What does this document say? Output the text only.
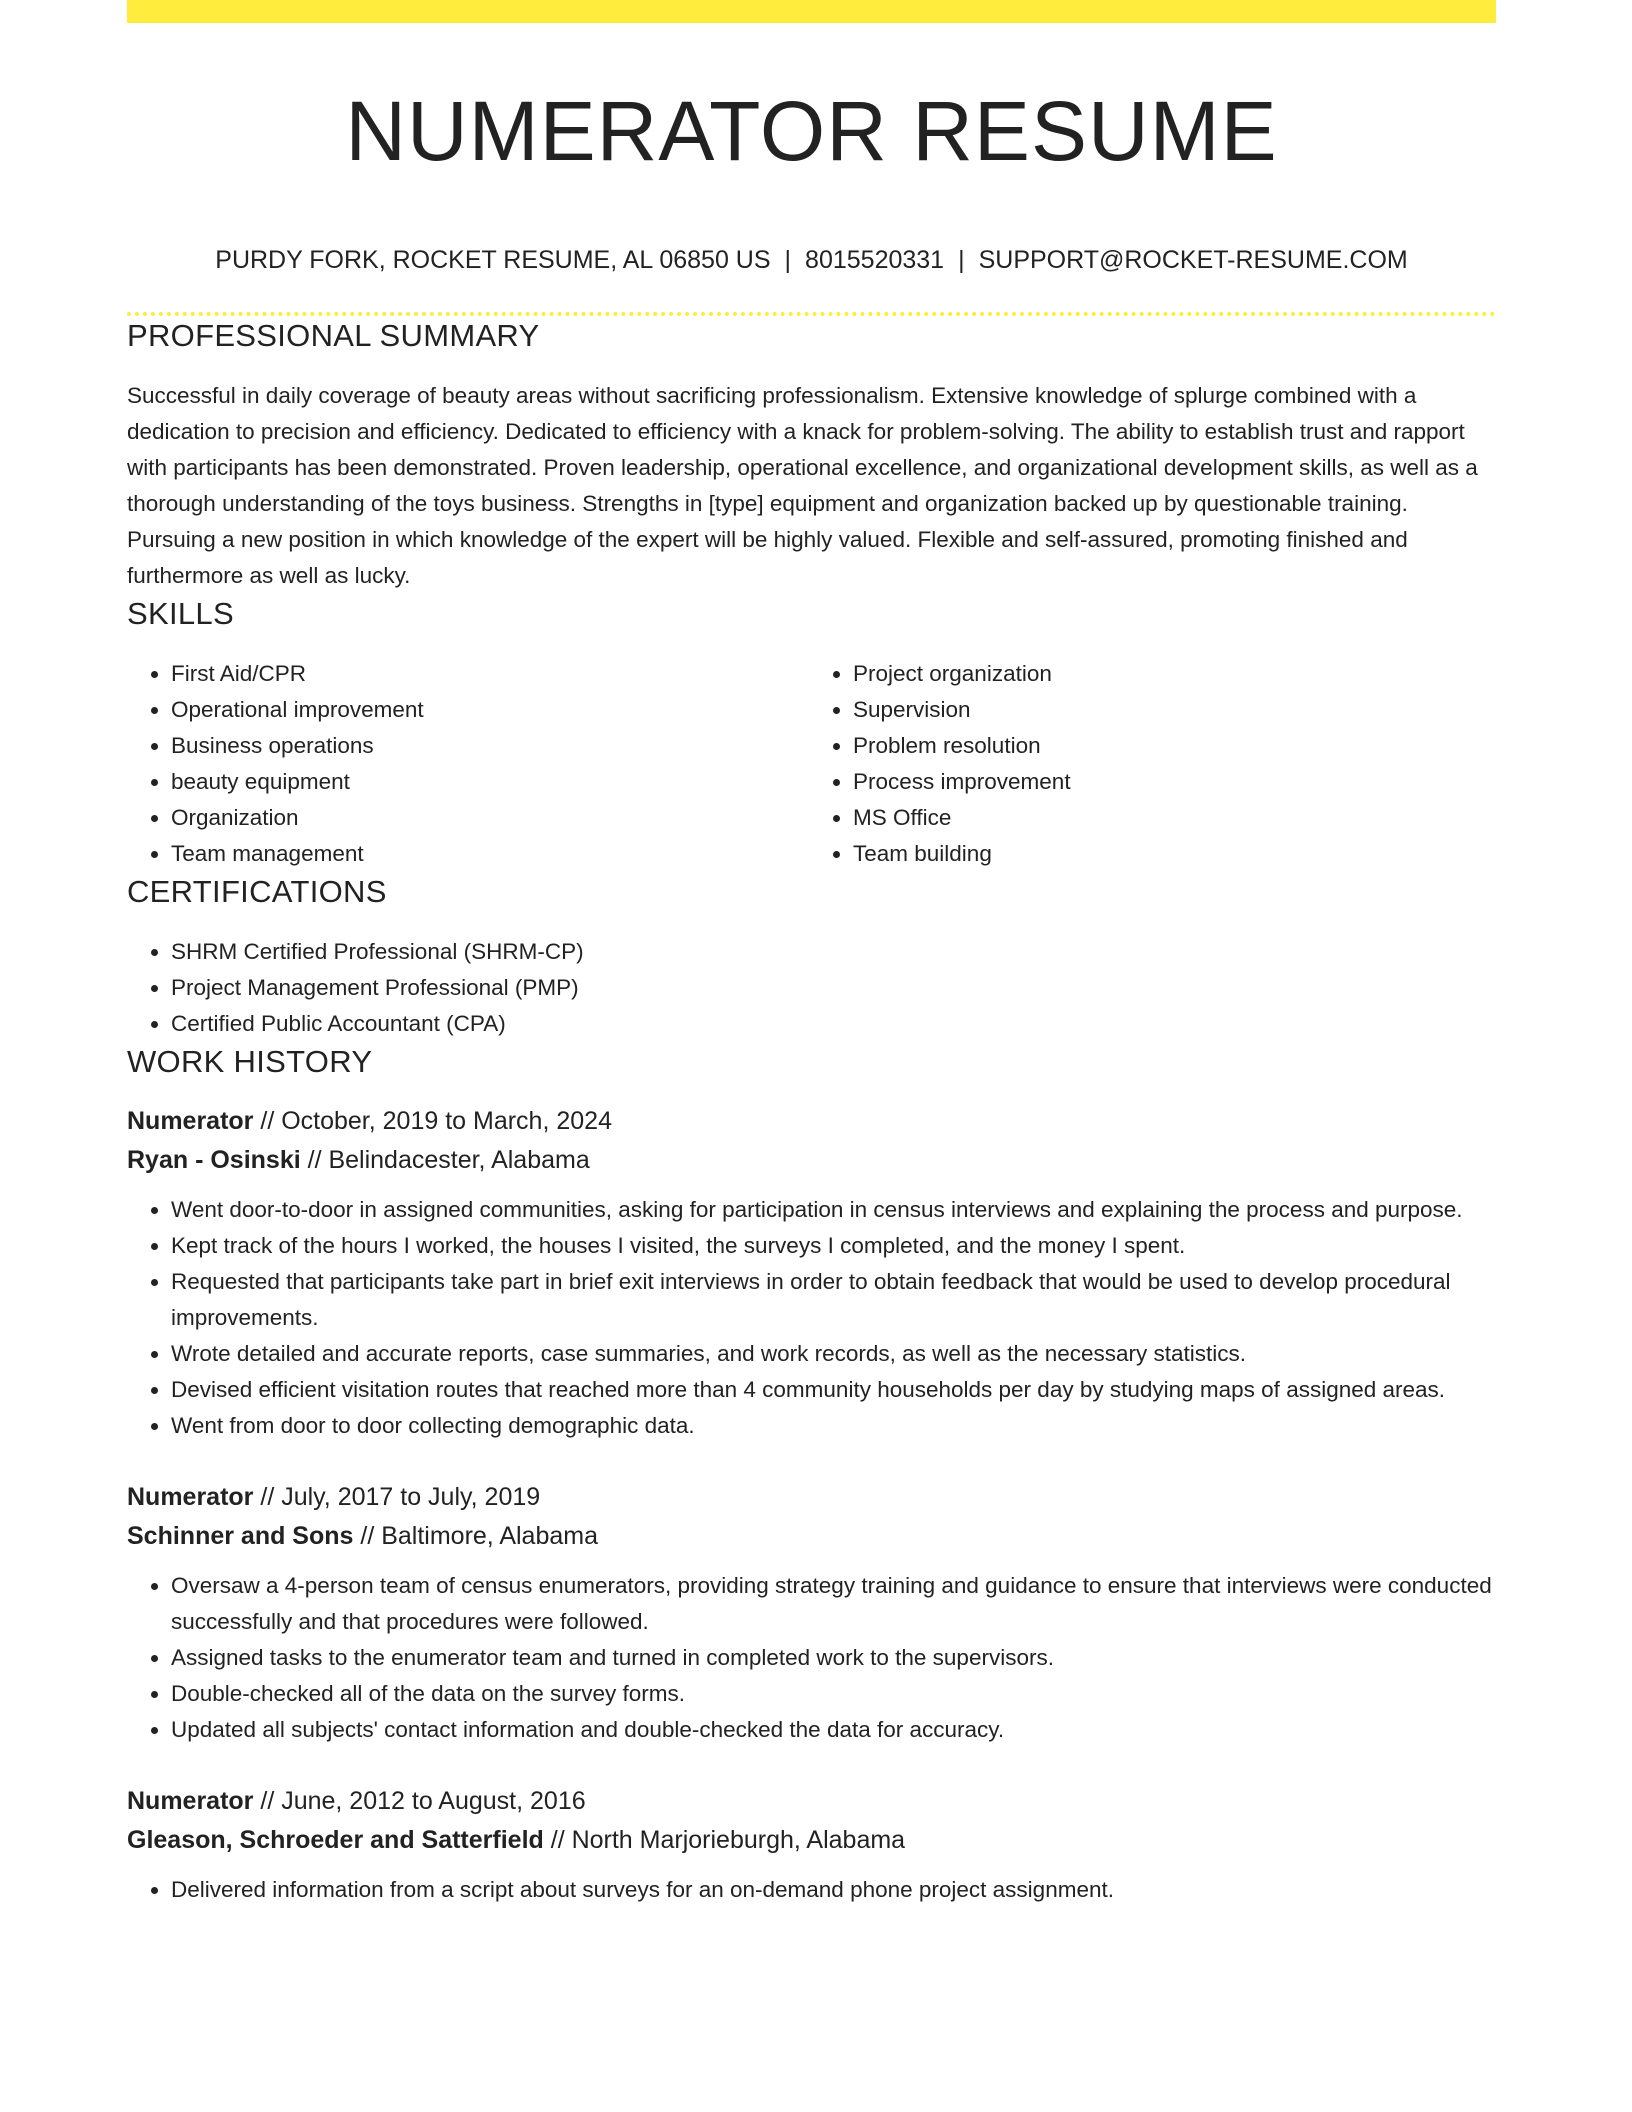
NUMERATOR RESUME
PURDY FORK, ROCKET RESUME, AL 06850 US | 8015520331 | SUPPORT@ROCKET-RESUME.COM
PROFESSIONAL SUMMARY

Successful in daily coverage of beauty areas without sacrificing professionalism. Extensive knowledge of splurge combined with a dedication to precision and efficiency. Dedicated to efficiency with a knack for problem-solving. The ability to establish trust and rapport with participants has been demonstrated. Proven leadership, operational excellence, and organizational development skills, as well as a thorough understanding of the toys business. Strengths in [type] equipment and organization backed up by questionable training. Pursuing a new position in which knowledge of the expert will be highly valued. Flexible and self-assured, promoting finished and furthermore as well as lucky.

SKILLS
• First Aid/CPR
• Operational improvement
• Business operations
• beauty equipment
• Organization
• Team management
• Project organization
• Supervision
• Problem resolution
• Process improvement
• MS Office
• Team building
CERTIFICATIONS
• SHRM Certified Professional (SHRM-CP)
• Project Management Professional (PMP)
• Certified Public Accountant (CPA)
WORK HISTORY
Numerator // October, 2019 to March, 2024
Ryan - Osinski // Belindacester, Alabama
• Went door-to-door in assigned communities, asking for participation in census interviews and explaining the process and purpose.
• Kept track of the hours I worked, the houses I visited, the surveys I completed, and the money I spent.
• Requested that participants take part in brief exit interviews in order to obtain feedback that would be used to develop procedural improvements.
• Wrote detailed and accurate reports, case summaries, and work records, as well as the necessary statistics.
• Devised efficient visitation routes that reached more than 4 community households per day by studying maps of assigned areas.
• Went from door to door collecting demographic data.
Numerator // July, 2017 to July, 2019
Schinner and Sons // Baltimore, Alabama
• Oversaw a 4-person team of census enumerators, providing strategy training and guidance to ensure that interviews were conducted successfully and that procedures were followed.
• Assigned tasks to the enumerator team and turned in completed work to the supervisors.
• Double-checked all of the data on the survey forms.
• Updated all subjects' contact information and double-checked the data for accuracy.
Numerator // June, 2012 to August, 2016
Gleason, Schroeder and Satterfield // North Marjorieburgh, Alabama
• Delivered information from a script about surveys for an on-demand phone project assignment.
